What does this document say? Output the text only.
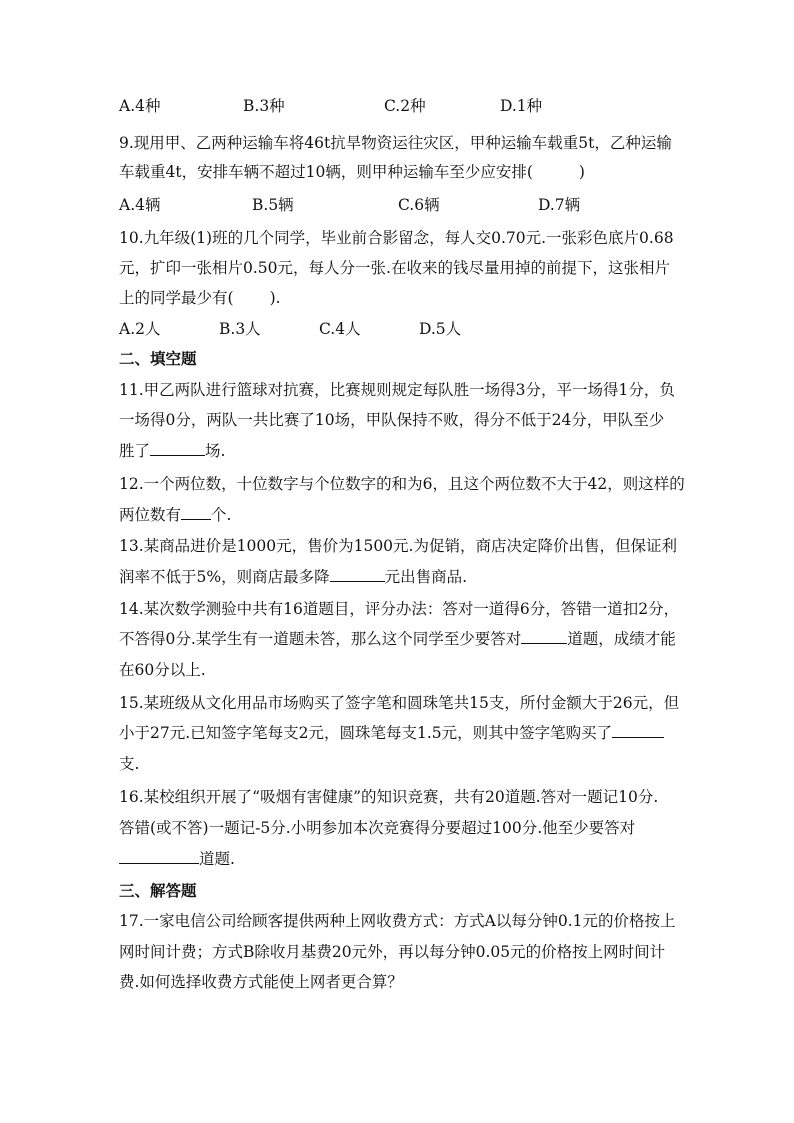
A.4种	B.3种	C.2种	D.1种
9.现用甲、乙两种运输车将46t抗旱物资运往灾区，甲种运输车载重5t，乙种运输
车载重4t，安排车辆不超过10辆，则甲种运输车至少应安排(	)
A.4辆	B.5辆	C.6辆	D.7辆
10.九年级(1)班的几个同学，毕业前合影留念，每人交0.70元.一张彩色底片0.68
元，扩印一张相片0.50元，每人分一张.在收来的钱尽量用掉的前提下，这张相片
上的同学最少有( ).
A.2人	B.3人	C.4人	D.5人
二、填空题
11.甲乙两队进行篮球对抗赛，比赛规则规定每队胜一场得3分，平一场得1分，负
一场得0分，两队一共比赛了10场，甲队保持不败，得分不低于24分，甲队至少
胜了	场.
12.一个两位数，十位数字与个位数字的和为6，且这个两位数不大于42，则这样的
两位数有 个.
13.某商品进价是1000元，售价为1500元.为促销，商店决定降价出售，但保证利
润率不低于5%，则商店最多降	元出售商品.
14.某次数学测验中共有16道题目，评分办法：答对一道得6分，答错一道扣2分，
不答得0分.某学生有一道题未答，那么这个同学至少要答对	道题，成绩才能
在60分以上.
15.某班级从文化用品市场购买了签字笔和圆珠笔共15支，所付金额大于26元，但
小于27元.已知签字笔每支2元，圆珠笔每支1.5元，则其中签字笔购买了
支.
16.某校组织开展了“吸烟有害健康”的知识竞赛，共有20道题.答对一题记10分.
答错(或不答)一题记-5分.小明参加本次竞赛得分要超过100分.他至少要答对
道题.
三、解答题
17.一家电信公司给顾客提供两种上网收费方式：方式A以每分钟0.1元的价格按上
网时间计费；方式B除收月基费20元外，再以每分钟0.05元的价格按上网时间计
费.如何选择收费方式能使上网者更合算？
